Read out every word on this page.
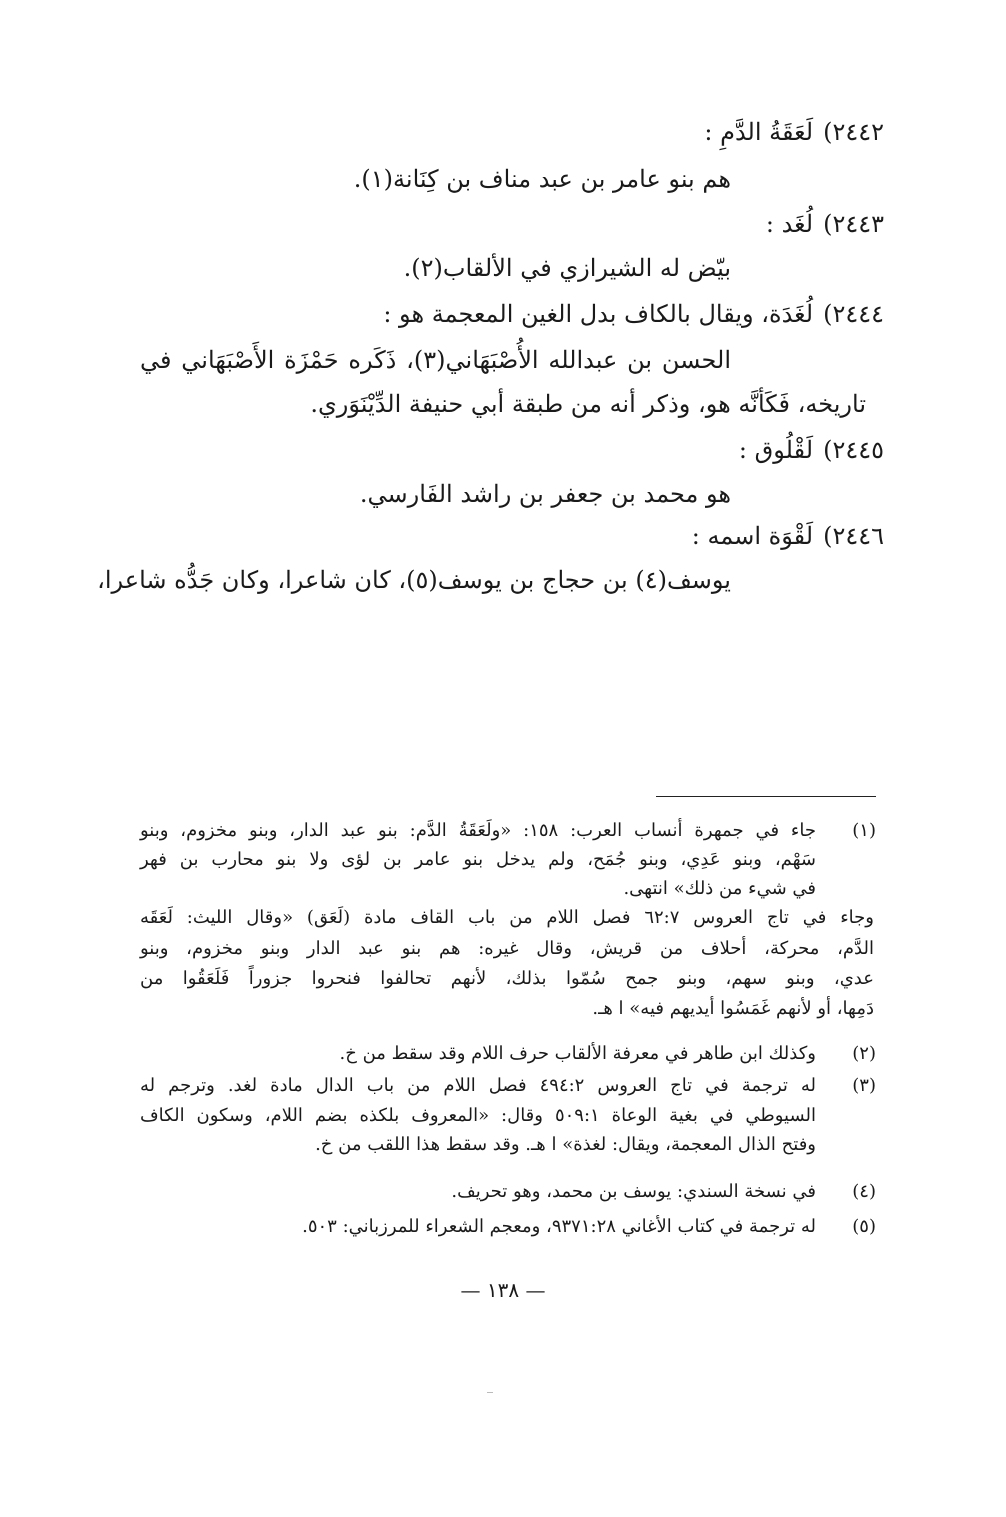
٢٤٤٢)لَعَقَةُ الدَّمِ :
هم بنو عامر بن عبد مناف بن كِنَانة(١).
٢٤٤٣)لُغَد :
بيّض له الشيرازي في الألقاب(٢).
٢٤٤٤)لُغَدَة، ويقال بالكاف بدل الغين المعجمة هو :
الحسن بن عبدالله الأُصْبَهَاني(٣)، ذَكَره حَمْزَة الأَصْبَهَاني في
تاريخه، فَكَأنَّه هو، وذكر أنه من طبقة أبي حنيفة الدِّيْنَوَري.
٢٤٤٥)لَقْلُوق :
هو محمد بن جعفر بن راشد الفَارسي.
٢٤٤٦)لَقْوَة اسمه :
يوسف(٤) بن حجاج بن يوسف(٥)، كان شاعرا، وكان جَدُّه شاعرا،
(١)
جاء في جمهرة أنساب العرب: ١٥٨: «ولَعَقَةُ الدَّم: بنو عبد الدار، وبنو مخزوم، وبنو
سَهْم، وبنو عَدِي، وبنو جُمَح، ولم يدخل بنو عامر بن لؤى ولا بنو محارب بن فهر
في شيء من ذلك» انتهى.
وجاء في تاج العروس ٦٢:٧ فصل اللام من باب القاف مادة (لَعَق) «وقال الليث: لَعَقَه
الدَّم، محركة، أحلاف من قريش، وقال غيره: هم بنو عبد الدار وبنو مخزوم، وبنو
عدي، وبنو سهم، وبنو جمح سُمّوا بذلك، لأنهم تحالفوا فنحروا جزوراً فَلَعَقُوا من
دَمِها، أو لأنهم غَمَسُوا أيديهم فيه» ا هـ.
(٢)
وكذلك ابن طاهر في معرفة الألقاب حرف اللام وقد سقط من خ.
(٣)
له ترجمة في تاج العروس ٤٩٤:٢ فصل اللام من باب الدال مادة لغد. وترجم له
السيوطي في بغية الوعاة ٥٠٩:١ وقال: «المعروف بلكذه بضم اللام، وسكون الكاف
وفتح الذال المعجمة، ويقال: لغذة» ا هـ. وقد سقط هذا اللقب من خ.
(٤)
في نسخة السندي: يوسف بن محمد، وهو تحريف.
(٥)
له ترجمة في كتاب الأغاني ٩٣٧١:٢٨، ومعجم الشعراء للمرزباني: ٥٠٣.
— ١٣٨ —
